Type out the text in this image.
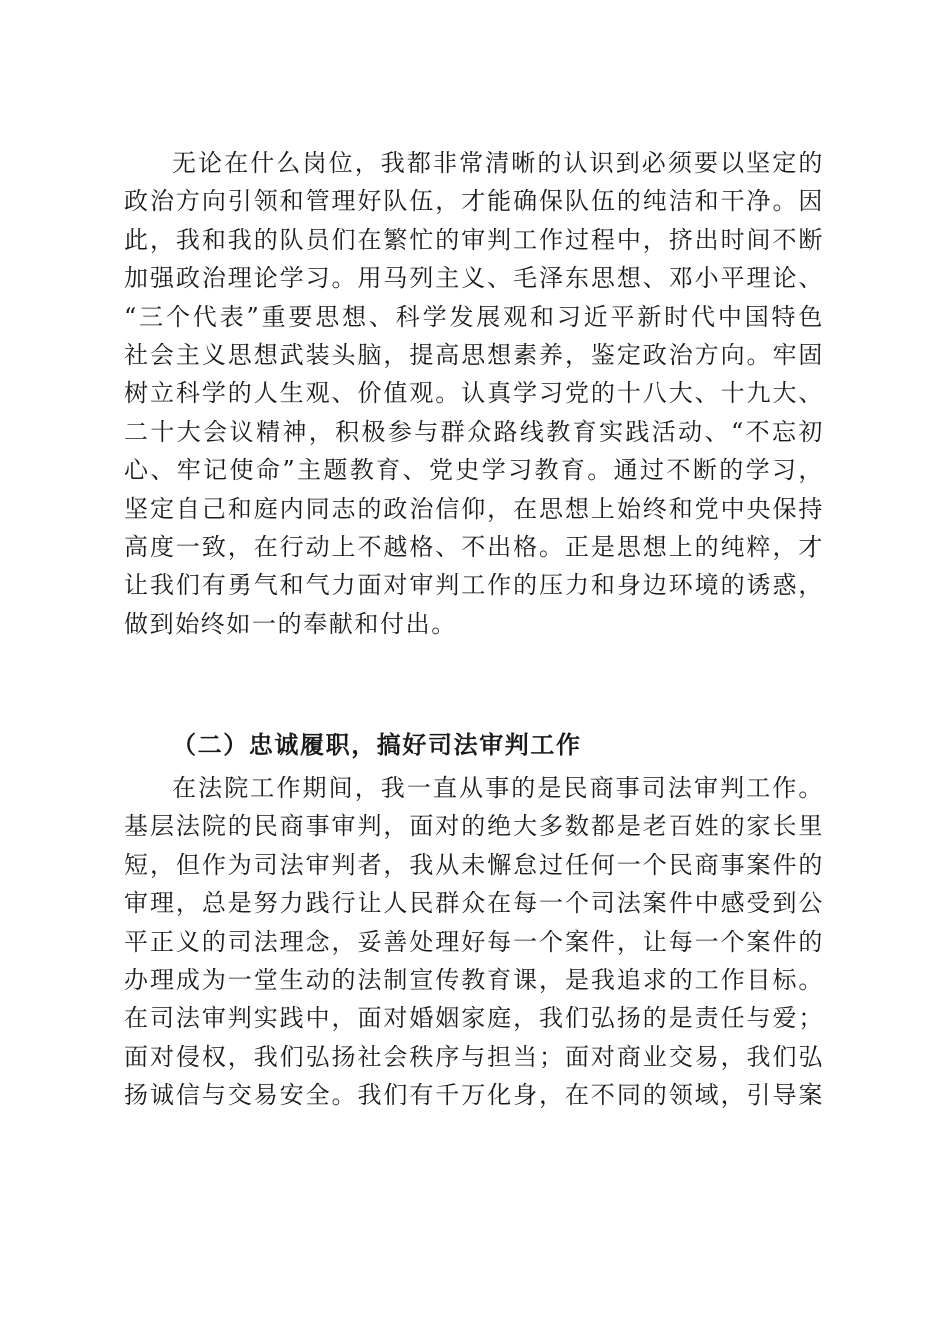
无论在什么岗位，我都非常清晰的认识到必须要以坚定的
政治方向引领和管理好队伍，才能确保队伍的纯洁和干净。因
此，我和我的队员们在繁忙的审判工作过程中，挤出时间不断
加强政治理论学习。用马列主义、毛泽东思想、邓小平理论、
“三个代表”重要思想、科学发展观和习近平新时代中国特色
社会主义思想武装头脑，提高思想素养，鉴定政治方向。牢固
树立科学的人生观、价值观。认真学习党的十八大、十九大、
二十大会议精神，积极参与群众路线教育实践活动、“不忘初
心、牢记使命”主题教育、党史学习教育。通过不断的学习，
坚定自己和庭内同志的政治信仰，在思想上始终和党中央保持
高度一致，在行动上不越格、不出格。正是思想上的纯粹，才
让我们有勇气和气力面对审判工作的压力和身边环境的诱惑，
做到始终如一的奉献和付出。
（二）忠诚履职，搞好司法审判工作
在法院工作期间，我一直从事的是民商事司法审判工作。
基层法院的民商事审判，面对的绝大多数都是老百姓的家长里
短，但作为司法审判者，我从未懈怠过任何一个民商事案件的
审理，总是努力践行让人民群众在每一个司法案件中感受到公
平正义的司法理念，妥善处理好每一个案件，让每一个案件的
办理成为一堂生动的法制宣传教育课，是我追求的工作目标。
在司法审判实践中，面对婚姻家庭，我们弘扬的是责任与爱；
面对侵权，我们弘扬社会秩序与担当；面对商业交易，我们弘
扬诚信与交易安全。我们有千万化身，在不同的领域，引导案
